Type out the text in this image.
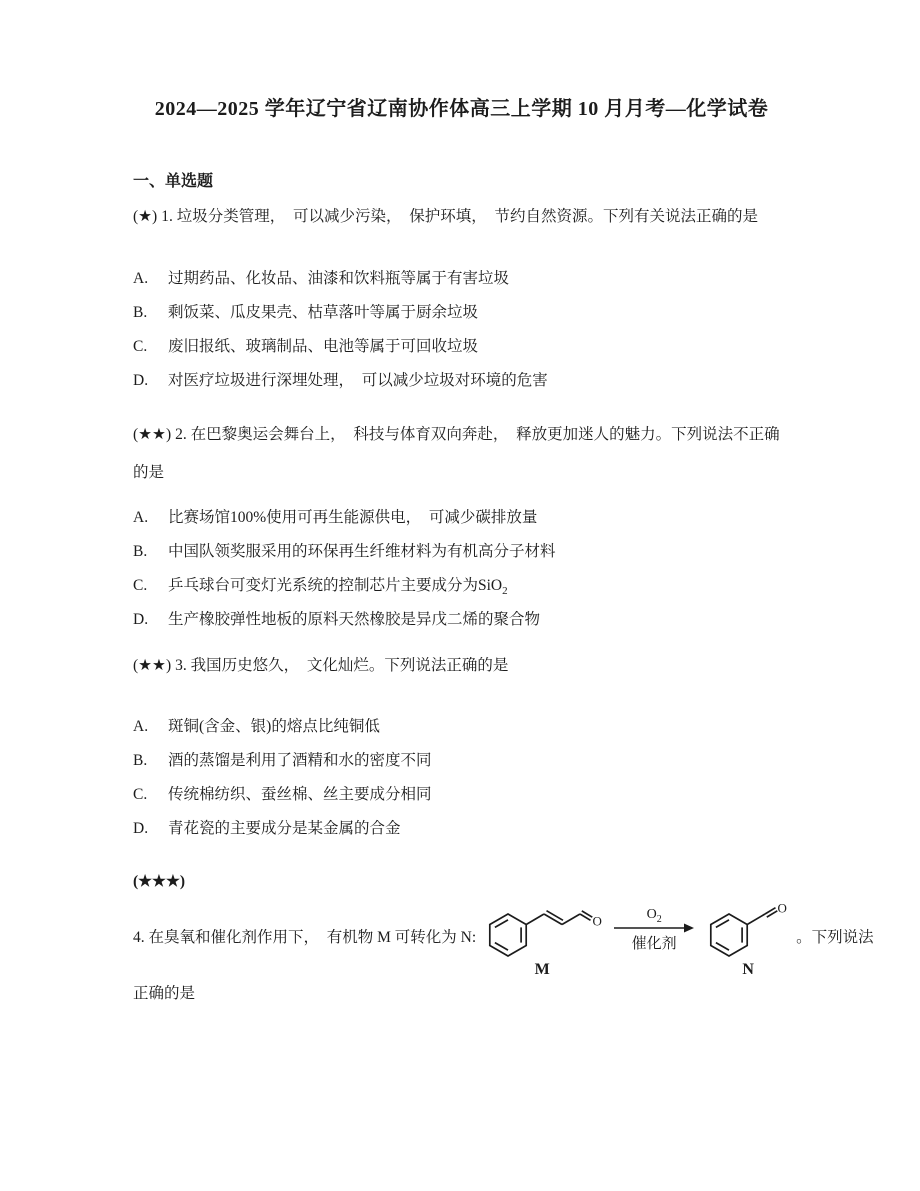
2024—2025 学年辽宁省辽南协作体高三上学期 10 月月考—化学试卷
一、单选题

(★) 1. 垃圾分类管理，　可以减少污染，　保护环填，　节约自然资源。下列有关说法正确的是

A. 过期药品、化妆品、油漆和饮料瓶等属于有害垃圾
B. 剩饭菜、瓜皮果壳、枯草落叶等属于厨余垃圾
C. 废旧报纸、玻璃制品、电池等属于可回收垃圾
D. 对医疗垃圾进行深埋处理，　可以减少垃圾对环境的危害

(★★) 2. 在巴黎奥运会舞台上，　科技与体育双向奔赴，　释放更加迷人的魅力。下列说法不正确的是

A. 比赛场馆100%使用可再生能源供电，　可减少碳排放量
B. 中国队领奖服采用的环保再生纤维材料为有机高分子材料
C. 乒乓球台可变灯光系统的控制芯片主要成分为SiO$_2$
D. 生产橡胶弹性地板的原料天然橡胶是异戊二烯的聚合物

(★★) 3. 我国历史悠久，　文化灿烂。下列说法正确的是

A. 斑铜(含金、银)的熔点比纯铜低
B. 酒的蒸馏是利用了酒精和水的密度不同
C. 传统棉纺织、蚕丝棉、丝主要成分相同
D. 青花瓷的主要成分是某金属的合金

(★★★)

4. 在臭氧和催化剂作用下，　有机物 M 可转化为 N:
O
M
$O_2$
催化剂
O
N
。下列说法

正确的是
